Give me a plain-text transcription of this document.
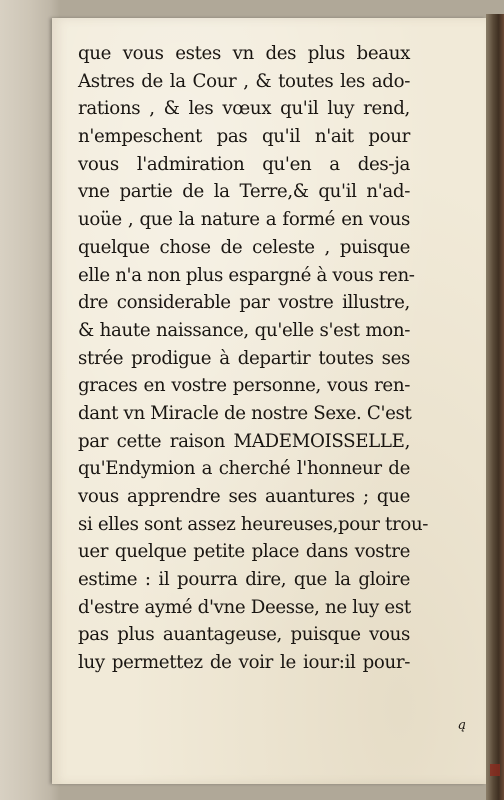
que vous estes vn des plus beaux
Astres de la Cour , & toutes les ado-
rations , & les vœux qu'il luy rend,
n'empeschent pas qu'il n'ait pour
vous l'admiration qu'en a des-ja
vne partie de la Terre,& qu'il n'ad-
uoüe , que la nature a formé en vous
quelque chose de celeste , puisque
elle n'a non plus espargné à vous ren-
dre considerable par vostre illustre,
& haute naissance, qu'elle s'est mon-
strée prodigue à departir toutes ses
graces en vostre personne, vous ren-
dant vn Miracle de nostre Sexe. C'est
par cette raison MADEMOISSELLE,
qu'Endymion a cherché l'honneur de
vous apprendre ses auantures ; que
si elles sont assez heureuses,pour trou-
uer quelque petite place dans vostre
estime : il pourra dire, que la gloire
d'estre aymé d'vne Deesse, ne luy est
pas plus auantageuse, puisque vous
luy permettez de voir le iour:il pour-
ą
